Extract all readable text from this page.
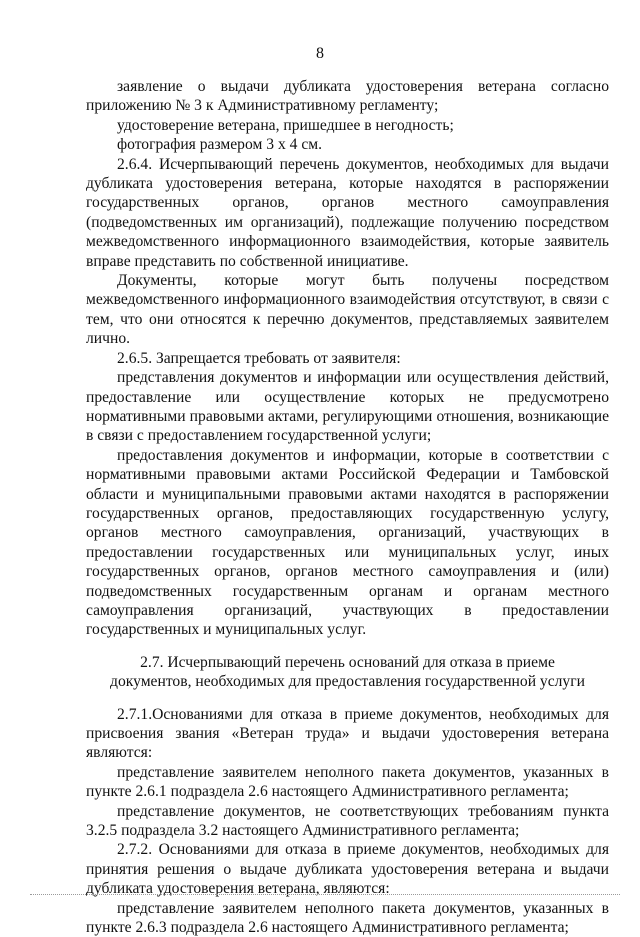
8

заявление о выдачи дубликата удостоверения ветерана согласно приложению № 3 к Административному регламенту;

удостоверение ветерана, пришедшее в негодность;

фотография размером 3 х 4 см.

2.6.4. Исчерпывающий перечень документов, необходимых для выдачи дубликата удостоверения ветерана, которые находятся в распоряжении государственных органов, органов местного самоуправления (подведомственных им организаций), подлежащие получению посредством межведомственного информационного взаимодействия, которые заявитель вправе представить по собственной инициативе.

Документы, которые могут быть получены посредством межведомственного информационного взаимодействия отсутствуют, в связи с тем, что они относятся к перечню документов, представляемых заявителем лично.

2.6.5. Запрещается требовать от заявителя:

представления документов и информации или осуществления действий, предоставление или осуществление которых не предусмотрено нормативными правовыми актами, регулирующими отношения, возникающие в связи с предоставлением государственной услуги;

предоставления документов и информации, которые в соответствии с нормативными правовыми актами Российской Федерации и Тамбовской области и муниципальными правовыми актами находятся в распоряжении государственных органов, предоставляющих государственную услугу, органов местного самоуправления, организаций, участвующих в предоставлении государственных или муниципальных услуг, иных государственных органов, органов местного самоуправления и (или) подведомственных государственным органам и органам местного самоуправления организаций, участвующих в предоставлении государственных и муниципальных услуг.

2.7. Исчерпывающий перечень оснований для отказа в приеме
документов, необходимых для предоставления государственной услуги

2.7.1.Основаниями для отказа в приеме документов, необходимых для присвоения звания «Ветеран труда» и выдачи удостоверения ветерана являются:

представление заявителем неполного пакета документов, указанных в пункте 2.6.1 подраздела 2.6 настоящего Административного регламента;

представление документов, не соответствующих требованиям пункта 3.2.5 подраздела 3.2 настоящего Административного регламента;

2.7.2. Основаниями для отказа в приеме документов, необходимых для принятия решения о выдаче дубликата удостоверения ветерана и выдачи дубликата удостоверения ветерана, являются:

представление заявителем неполного пакета документов, указанных в пункте 2.6.3 подраздела 2.6 настоящего Административного регламента;
